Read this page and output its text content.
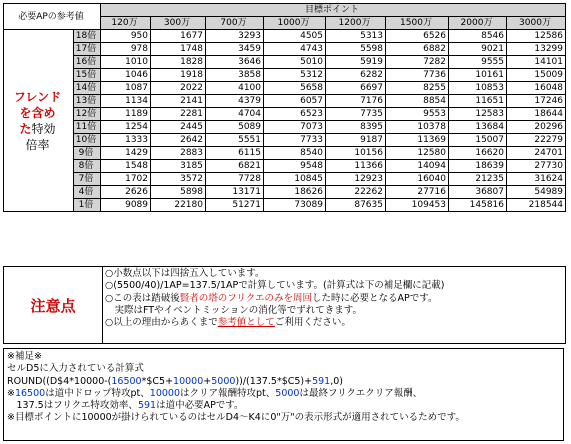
必要APの参考値		目標ポイント							
		120万	300万	700万	1000万	1200万	1500万	2000万	3000万

フレンド
を含め
た特効
倍率	18倍	950	1677	3293	4505	5313	6526	8546	12586
	17倍	978	1748	3459	4743	5598	6882	9021	13299
	16倍	1010	1828	3646	5010	5919	7282	9555	14101
	15倍	1046	1918	3858	5312	6282	7736	10161	15009
	14倍	1087	2022	4100	5658	6697	8255	10853	16048
	13倍	1134	2141	4379	6057	7176	8854	11651	17246
	12倍	1189	2281	4704	6523	7735	9553	12583	18644
	11倍	1254	2445	5089	7073	8395	10378	13684	20296
	10倍	1333	2642	5551	7733	9187	11369	15007	22279
	9倍	1429	2883	6115	8540	10156	12580	16620	24701
	8倍	1548	3185	6821	9548	11366	14094	18639	27730
	7倍	1702	3572	7728	10845	12923	16040	21235	31624
	4倍	2626	5898	13171	18626	22262	27716	36807	54989
	1倍	9089	22180	51271	73089	87635	109453	145816	218544
注意点
○小数点以下は四捨五入しています。
○(5500/40)/1AP=137.5/1APで計算しています。(計算式は下の補足欄に記載)
○この表は踏破後賢者の塔のフリクエのみを周回した時に必要となるAPです。
　実際はFTやイベントミッションの消化等でずれてきます。
○以上の理由からあくまで参考値としてご利用ください。
※補足※
セルD5に入力されている計算式
ROUND((D$4*10000-(16500*$C5+10000+5000))/(137.5*$C5)+591,0)
※16500は道中ドロップ特攻pt、10000はクリア報酬特攻pt、5000は最終フリクエクリア報酬、
　137.5はフリクエ特攻効率、591は道中必要APです。
※目標ポイントに10000が掛けられているのはセルD4～K4に0"万"の表示形式が適用されているためです。
